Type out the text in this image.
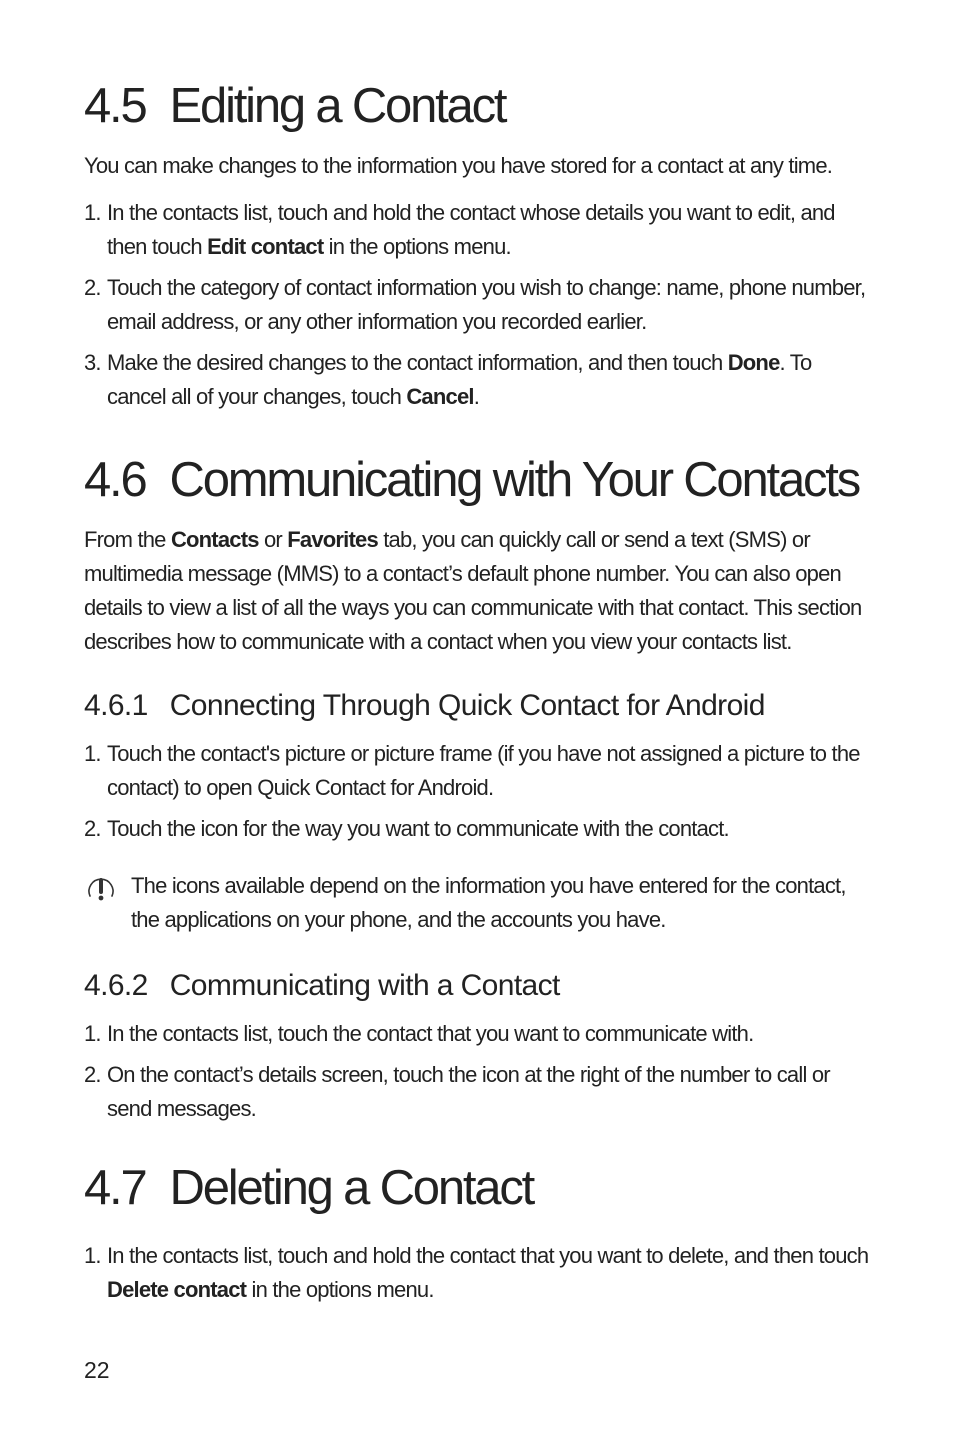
4.5 Editing a Contact

You can make changes to the information you have stored for a contact at any time.

1. In the contacts list, touch and hold the contact whose details you want to edit, and then touch Edit contact in the options menu.
2. Touch the category of contact information you wish to change: name, phone number, email address, or any other information you recorded earlier.
3. Make the desired changes to the contact information, and then touch Done. To cancel all of your changes, touch Cancel.
4.6 Communicating with Your Contacts

From the Contacts or Favorites tab, you can quickly call or send a text (SMS) or multimedia message (MMS) to a contact’s default phone number. You can also open details to view a list of all the ways you can communicate with that contact. This section describes how to communicate with a contact when you view your contacts list.

4.6.1 Connecting Through Quick Contact for Android
1. Touch the contact's picture or picture frame (if you have not assigned a picture to the contact) to open Quick Contact for Android.
2. Touch the icon for the way you want to communicate with the contact.
The icons available depend on the information you have entered for the contact, the applications on your phone, and the accounts you have.
4.6.2 Communicating with a Contact
1. In the contacts list, touch the contact that you want to communicate with.
2. On the contact’s details screen, touch the icon at the right of the number to call or send messages.
4.7 Deleting a Contact
1. In the contacts list, touch and hold the contact that you want to delete, and then touch Delete contact in the options menu.
22
